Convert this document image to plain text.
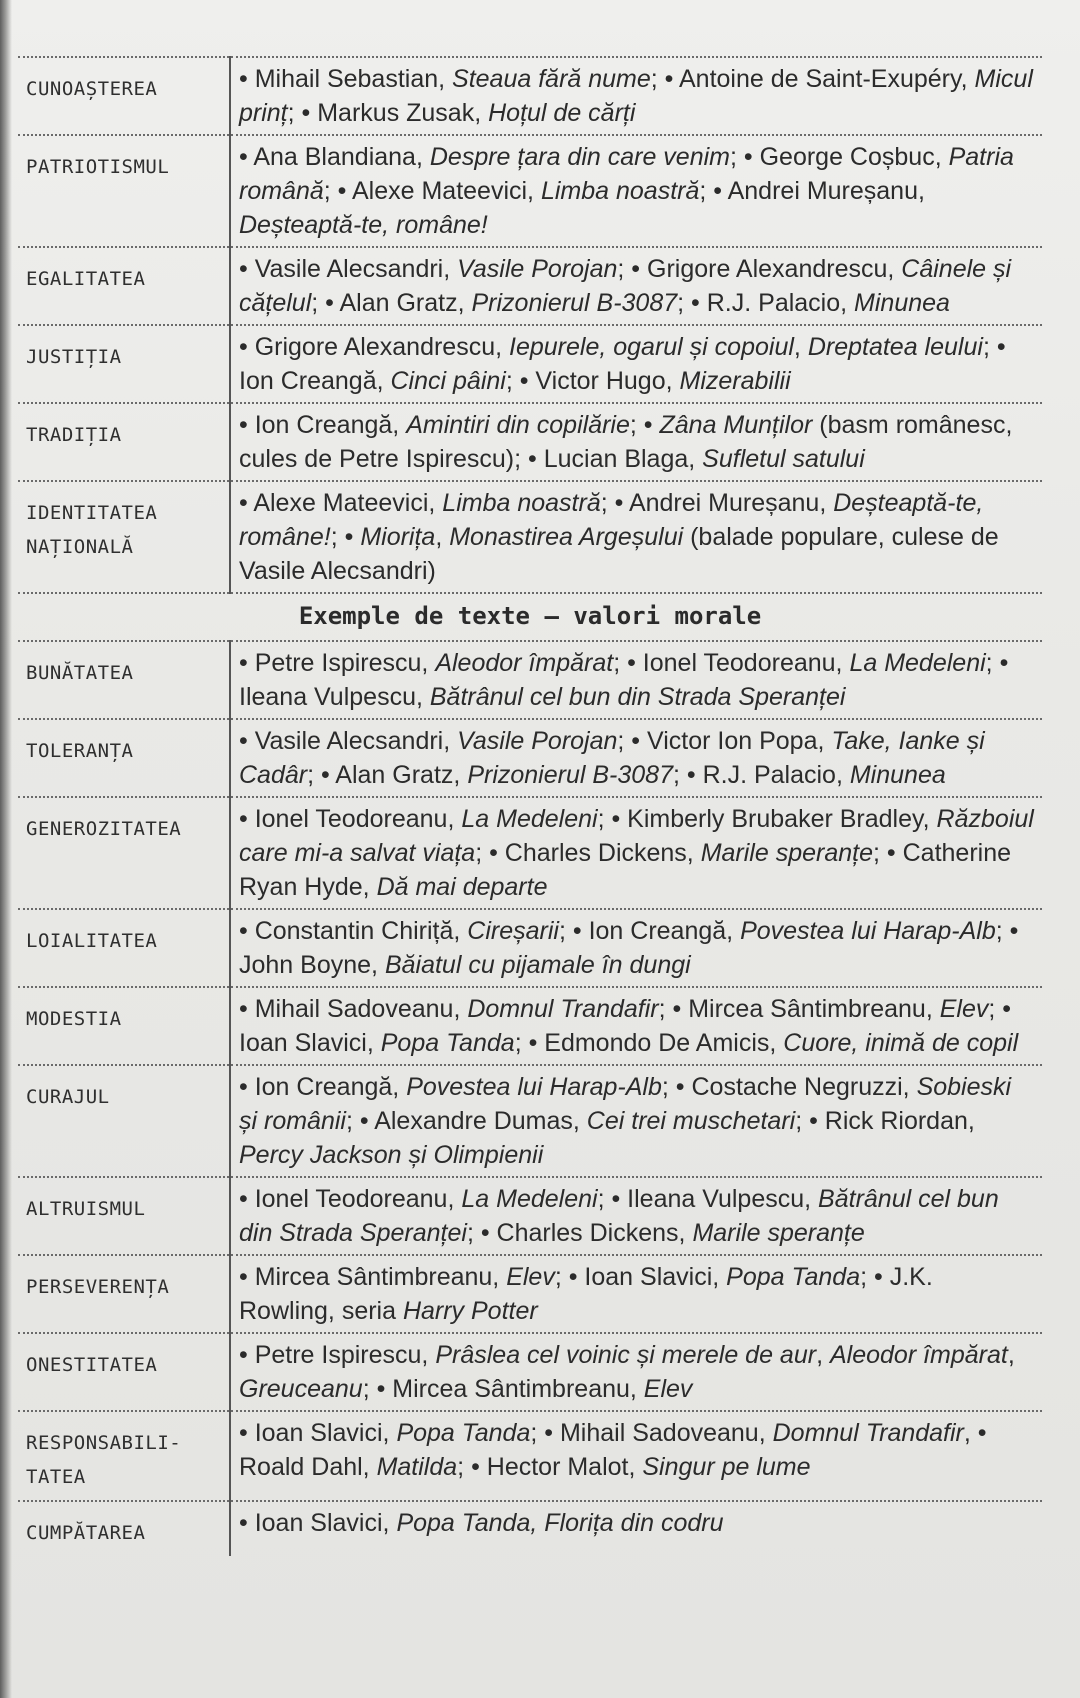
CUNOAȘTEREA	• Mihail Sebastian, Steaua fără nume; • Antoine de Saint-Exupéry, Micul prinț; • Markus Zusak, Hoțul de cărți

PATRIOTISMUL	• Ana Blandiana, Despre țara din care venim; • George Coșbuc, Patria română; • Alexe Mateevici, Limba noastră; • Andrei Mureșanu, Deșteaptă-te, române!

EGALITATEA	• Vasile Alecsandri, Vasile Porojan; • Grigore Alexandrescu, Câinele și cățelul; • Alan Gratz, Prizonierul B-3087; • R.J. Palacio, Minunea

JUSTIȚIA	• Grigore Alexandrescu, Iepurele, ogarul și copoiul, Dreptatea leului; • Ion Creangă, Cinci pâini; • Victor Hugo, Mizerabilii

TRADIȚIA	• Ion Creangă, Amintiri din copilărie; • Zâna Munților (basm românesc, cules de Petre Ispirescu); • Lucian Blaga, Sufletul satului

IDENTITATEA
NAȚIONALĂ	• Alexe Mateevici, Limba noastră; • Andrei Mureșanu, Deșteaptă-te, române!; • Miorița, Monastirea Argeșului (balade populare, culese de Vasile Alecsandri)
Exemple de texte – valori morale	

BUNĂTATEA	• Petre Ispirescu, Aleodor împărat; • Ionel Teodoreanu, La Medeleni; • Ileana Vulpescu, Bătrânul cel bun din Strada Speranței

TOLERANȚA	• Vasile Alecsandri, Vasile Porojan; • Victor Ion Popa, Take, Ianke și Cadâr; • Alan Gratz, Prizonierul B-3087; • R.J. Palacio, Minunea

GENEROZITATEA	• Ionel Teodoreanu, La Medeleni; • Kimberly Brubaker Bradley, Războiul care mi-a salvat viața; • Charles Dickens, Marile speranțe; • Catherine Ryan Hyde, Dă mai departe

LOIALITATEA	• Constantin Chiriță, Cireșarii; • Ion Creangă, Povestea lui Harap-Alb; • John Boyne, Băiatul cu pijamale în dungi

MODESTIA	• Mihail Sadoveanu, Domnul Trandafir; • Mircea Sântimbreanu, Elev; • Ioan Slavici, Popa Tanda; • Edmondo De Amicis, Cuore, inimă de copil

CURAJUL	• Ion Creangă, Povestea lui Harap-Alb; • Costache Negruzzi, Sobieski și românii; • Alexandre Dumas, Cei trei muschetari; • Rick Riordan, Percy Jackson și Olimpienii

ALTRUISMUL	• Ionel Teodoreanu, La Medeleni; • Ileana Vulpescu, Bătrânul cel bun din Strada Speranței; • Charles Dickens, Marile speranțe

PERSEVERENȚA	• Mircea Sântimbreanu, Elev; • Ioan Slavici, Popa Tanda; • J.K. Rowling, seria Harry Potter

ONESTITATEA	• Petre Ispirescu, Prâslea cel voinic și merele de aur, Aleodor împărat, Greuceanu; • Mircea Sântimbreanu, Elev

RESPONSABILI-
TATEA	• Ioan Slavici, Popa Tanda; • Mihail Sadoveanu, Domnul Trandafir, • Roald Dahl, Matilda; • Hector Malot, Singur pe lume

CUMPĂTAREA	• Ioan Slavici, Popa Tanda, Florița din codru
